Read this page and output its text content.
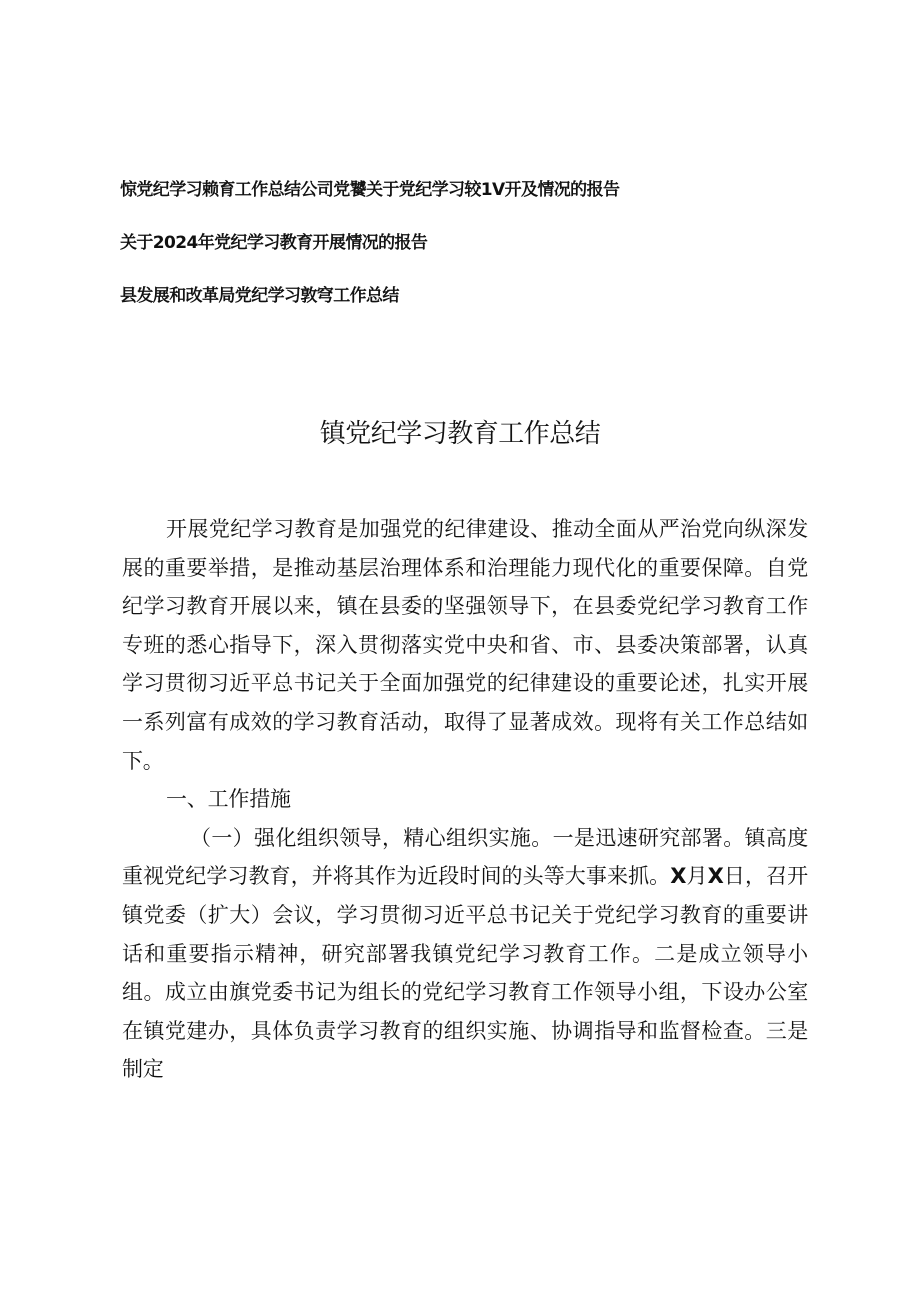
惊党纪学习赖育工作总结公司党饕关于党纪学习较1V开及情况的报告
关于2024年党纪学习教育开展情况的报告
县发展和改革局党纪学习敦穹工作总结
镇党纪学习教育工作总结

开展党纪学习教育是加强党的纪律建设、推动全面从严治党向纵深发展的重要举措，是推动基层治理体系和治理能力现代化的重要保障。自党纪学习教育开展以来，镇在县委的坚强领导下，在县委党纪学习教育工作专班的悉心指导下，深入贯彻落实党中央和省、市、县委决策部署，认真学习贯彻习近平总书记关于全面加强党的纪律建设的重要论述，扎实开展一系列富有成效的学习教育活动，取得了显著成效。现将有关工作总结如下。

一、工作措施

（一）强化组织领导，精心组织实施。一是迅速研究部署。镇高度重视党纪学习教育，并将其作为近段时间的头等大事来抓。X月X日，召开镇党委（扩大）会议，学习贯彻习近平总书记关于党纪学习教育的重要讲话和重要指示精神，研究部署我镇党纪学习教育工作。二是成立领导小组。成立由旗党委书记为组长的党纪学习教育工作领导小组，下设办公室在镇党建办，具体负责学习教育的组织实施、协调指导和监督检查。三是制定
